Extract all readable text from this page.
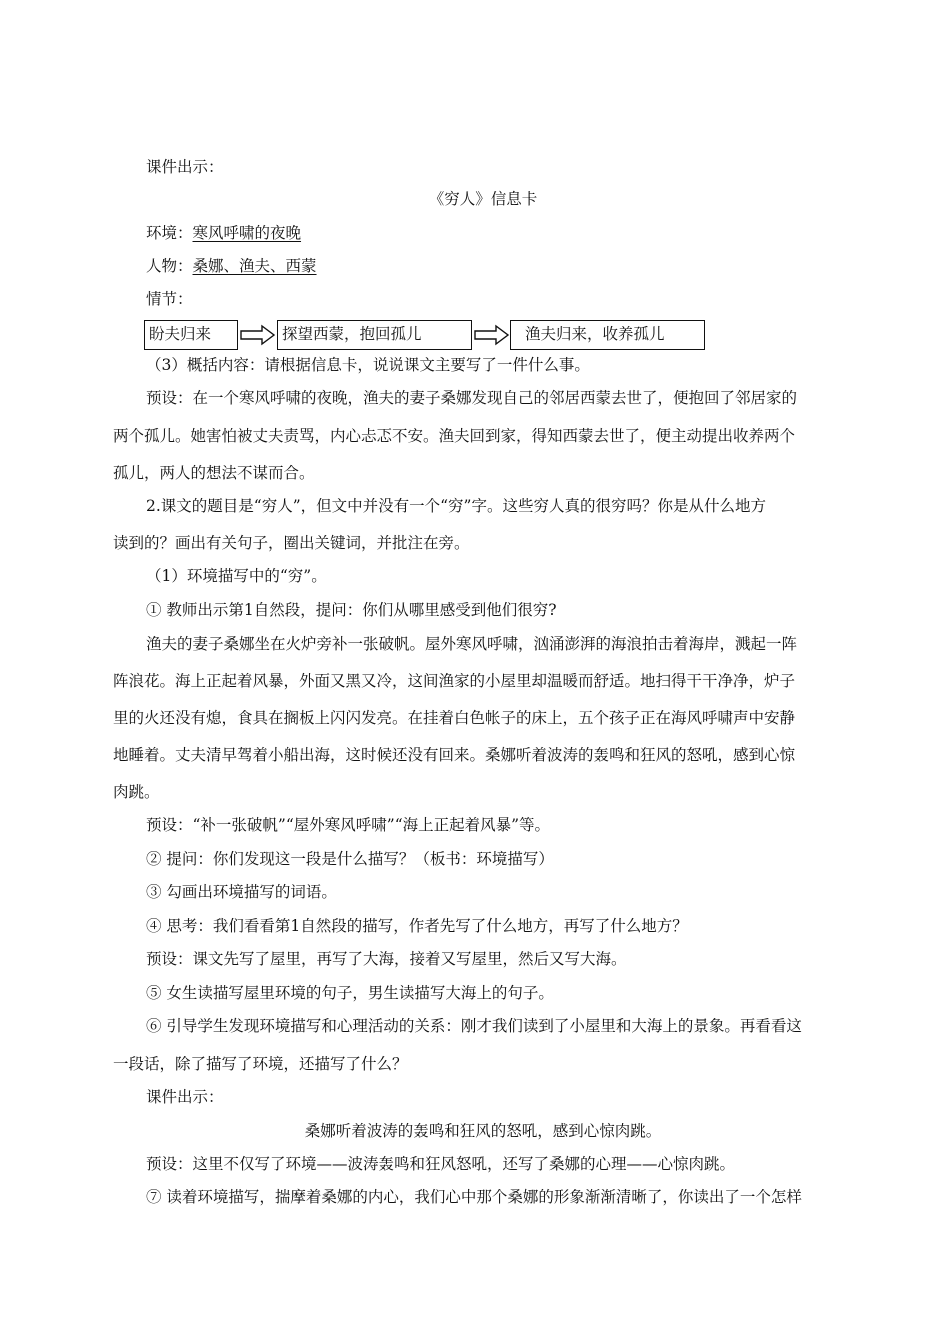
课件出示：
《穷人》信息卡
环境：寒风呼啸的夜晚
人物：桑娜、渔夫、西蒙
情节：
盼夫归来	探望西蒙，抱回孤儿	渔夫归来，收养孤儿
（3）概括内容：请根据信息卡，说说课文主要写了一件什么事。
预设：在一个寒风呼啸的夜晚，渔夫的妻子桑娜发现自己的邻居西蒙去世了，便抱回了邻居家的
两个孤儿。她害怕被丈夫责骂，内心忐忑不安。渔夫回到家，得知西蒙去世了，便主动提出收养两个
孤儿，两人的想法不谋而合。
2.课文的题目是“穷人”，但文中并没有一个“穷”字。这些穷人真的很穷吗？你是从什么地方
读到的？画出有关句子，圈出关键词，并批注在旁。
（1）环境描写中的“穷”。
① 教师出示第1自然段，提问：你们从哪里感受到他们很穷?
渔夫的妻子桑娜坐在火炉旁补一张破帆。屋外寒风呼啸，汹涌澎湃的海浪拍击着海岸，溅起一阵
阵浪花。海上正起着风暴，外面又黑又冷，这间渔家的小屋里却温暖而舒适。地扫得干干净净，炉子
里的火还没有熄，食具在搁板上闪闪发亮。在挂着白色帐子的床上，五个孩子正在海风呼啸声中安静
地睡着。丈夫清早驾着小船出海，这时候还没有回来。桑娜听着波涛的轰鸣和狂风的怒吼，感到心惊
肉跳。
预设：“补一张破帆”“屋外寒风呼啸”“海上正起着风暴”等。
② 提问：你们发现这一段是什么描写？（板书：环境描写）
③ 勾画出环境描写的词语。
④ 思考：我们看看第1自然段的描写，作者先写了什么地方，再写了什么地方？
预设：课文先写了屋里，再写了大海，接着又写屋里，然后又写大海。
⑤ 女生读描写屋里环境的句子，男生读描写大海上的句子。
⑥ 引导学生发现环境描写和心理活动的关系：刚才我们读到了小屋里和大海上的景象。再看看这
一段话，除了描写了环境，还描写了什么？
课件出示：
桑娜听着波涛的轰鸣和狂风的怒吼，感到心惊肉跳。
预设：这里不仅写了环境——波涛轰鸣和狂风怒吼，还写了桑娜的心理——心惊肉跳。
⑦ 读着环境描写，揣摩着桑娜的内心，我们心中那个桑娜的形象渐渐清晰了，你读出了一个怎样
